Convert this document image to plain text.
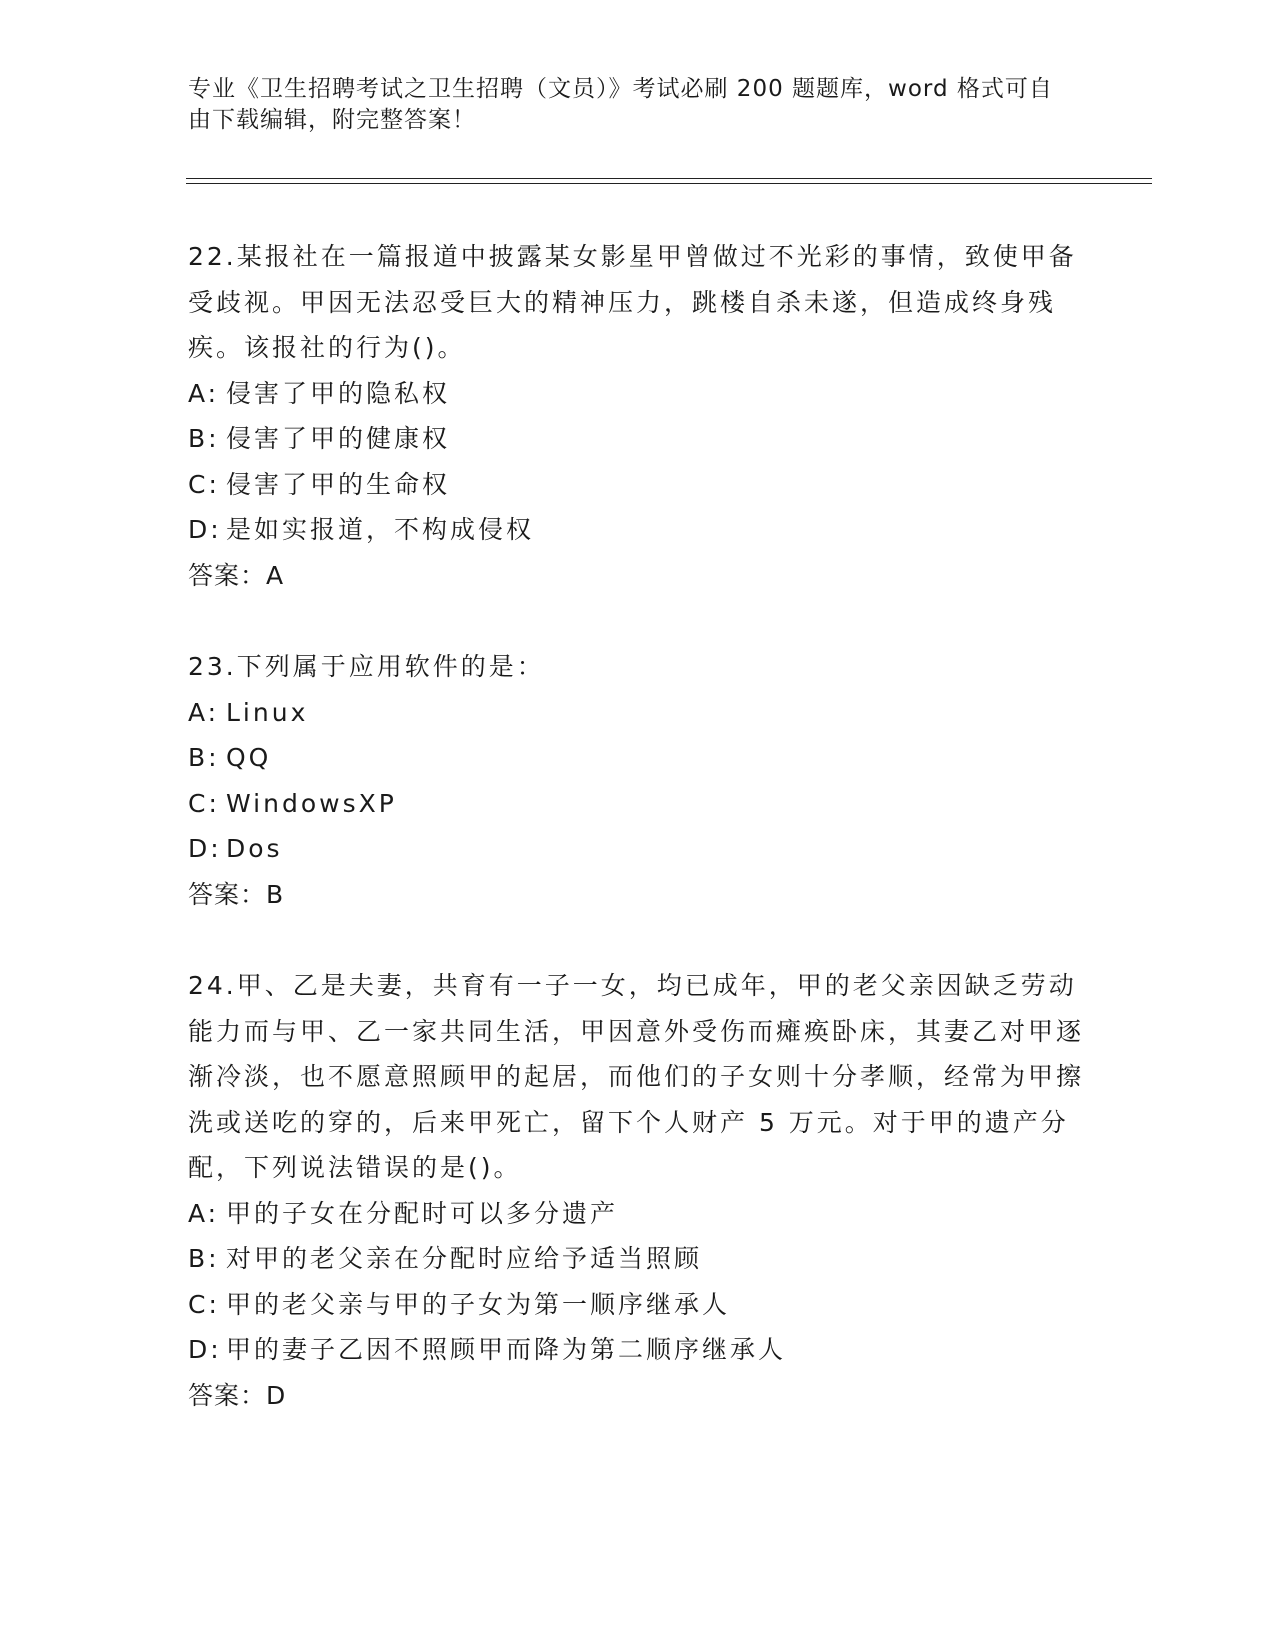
专业《卫生招聘考试之卫生招聘（文员）》考试必刷 200 题题库，word 格式可自
由下载编辑，附完整答案！
22.某报社在一篇报道中披露某女影星甲曾做过不光彩的事情，致使甲备受歧视。甲因无法忍受巨大的精神压力，跳楼自杀未遂，但造成终身残疾。该报社的行为()。
A: 侵害了甲的隐私权
B: 侵害了甲的健康权
C: 侵害了甲的生命权
D: 是如实报道，不构成侵权
答案：A
23.下列属于应用软件的是：
A: Linux
B: QQ
C: WindowsXP
D: Dos
答案：B
24.甲、乙是夫妻，共育有一子一女，均已成年，甲的老父亲因缺乏劳动能力而与甲、乙一家共同生活，甲因意外受伤而瘫痪卧床，其妻乙对甲逐渐冷淡，也不愿意照顾甲的起居，而他们的子女则十分孝顺，经常为甲擦洗或送吃的穿的，后来甲死亡，留下个人财产 5 万元。对于甲的遗产分配，下列说法错误的是()。
A: 甲的子女在分配时可以多分遗产
B: 对甲的老父亲在分配时应给予适当照顾
C: 甲的老父亲与甲的子女为第一顺序继承人
D: 甲的妻子乙因不照顾甲而降为第二顺序继承人
答案：D
